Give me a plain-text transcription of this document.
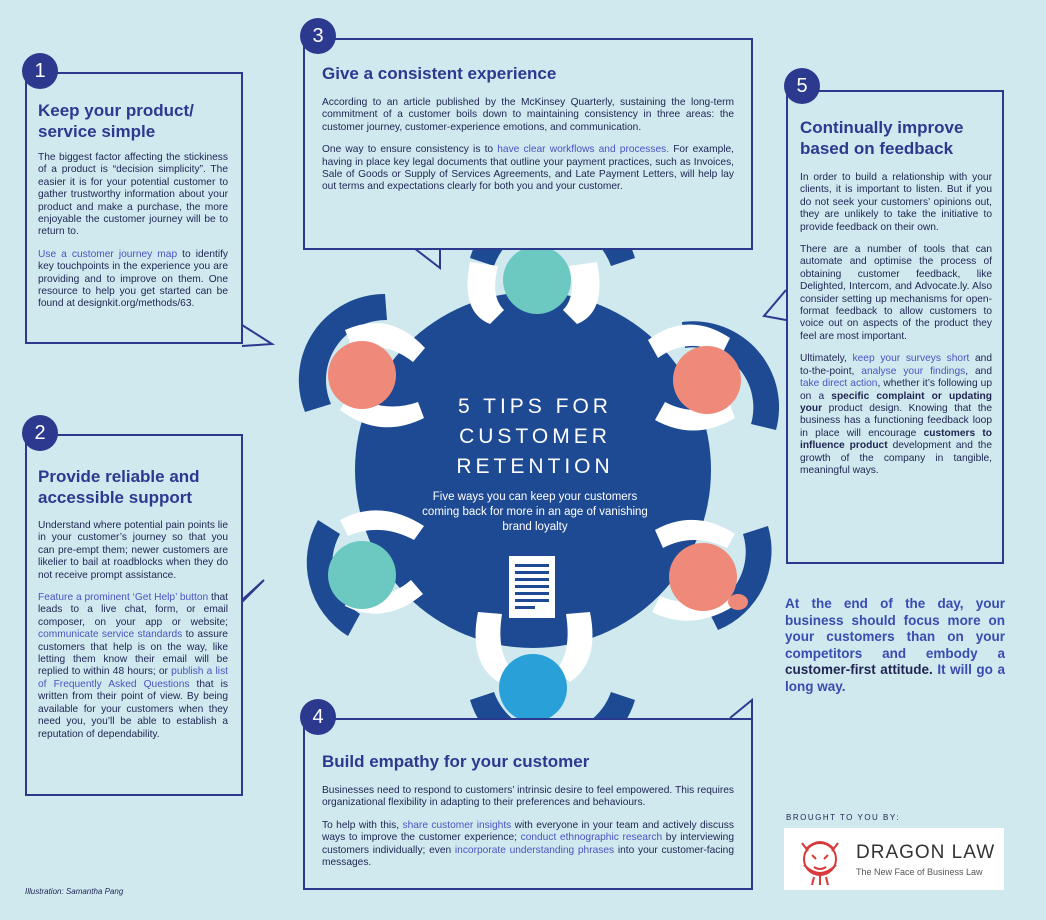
1
Keep your product/ service simple

The biggest factor affecting the stickiness of a product is “decision simplicity”. The easier it is for your potential customer to gather trustworthy information about your product and make a purchase, the more enjoyable the customer journey will be to return to.

Use a customer journey map to identify key touchpoints in the experience you are providing and to improve on them. One resource to help you get started can be found at designkit.org/methods/63.

2
Provide reliable and accessible support

Understand where potential pain points lie in your customer’s journey so that you can pre-empt them; newer customers are likelier to bail at roadblocks when they do not receive prompt assistance.

Feature a prominent ‘Get Help’ button that leads to a live chat, form, or email composer, on your app or website; communicate service standards to assure customers that help is on the way, like letting them know their email will be replied to within 48 hours; or publish a list of Frequently Asked Questions that is written from their point of view. By being available for your customers when they need you, you’ll be able to establish a reputation of dependability.

3
Give a consistent experience

According to an article published by the McKinsey Quarterly, sustaining the long-term commitment of a customer boils down to maintaining consistency in three areas: the customer journey, customer-experience emotions, and communication.

One way to ensure consistency is to have clear workflows and processes. For example, having in place key legal documents that outline your payment practices, such as Invoices, Sale of Goods or Supply of Services Agreements, and Late Payment Letters, will help lay out terms and expectations clearly for both you and your customer.

4
Build empathy for your customer

Businesses need to respond to customers’ intrinsic desire to feel empowered. This requires organizational flexibility in adapting to their preferences and behaviours.

To help with this, share customer insights with everyone in your team and actively discuss ways to improve the customer experience; conduct ethnographic research by interviewing customers individually; even incorporate understanding phrases into your customer-facing messages.

5
Continually improve based on feedback

In order to build a relationship with your clients, it is important to listen. But if you do not seek your customers’ opinions out, they are unlikely to take the initiative to provide feedback on their own.

There are a number of tools that can automate and optimise the process of obtaining customer feedback, like Delighted, Intercom, and Advocate.ly. Also consider setting up mechanisms for open-format feedback to allow customers to voice out on aspects of the product they feel are most important.

Ultimately, keep your surveys short and to-the-point, analyse your findings, and take direct action, whether it’s following up on a specific complaint or updating your product design. Knowing that the business has a functioning feedback loop in place will encourage customers to influence product development and the growth of the company in tangible, meaningful ways.

5 TIPS FOR
CUSTOMER
RETENTION
Five ways you can keep your customers coming back for more in an age of vanishing brand loyalty
At the end of the day, your business should focus more on your customers than on your competitors and embody a customer-first attitude. It will go a long way.
BROUGHT TO YOU BY:
DRAGON LAW
The New Face of Business Law
Illustration: Samantha Pang
